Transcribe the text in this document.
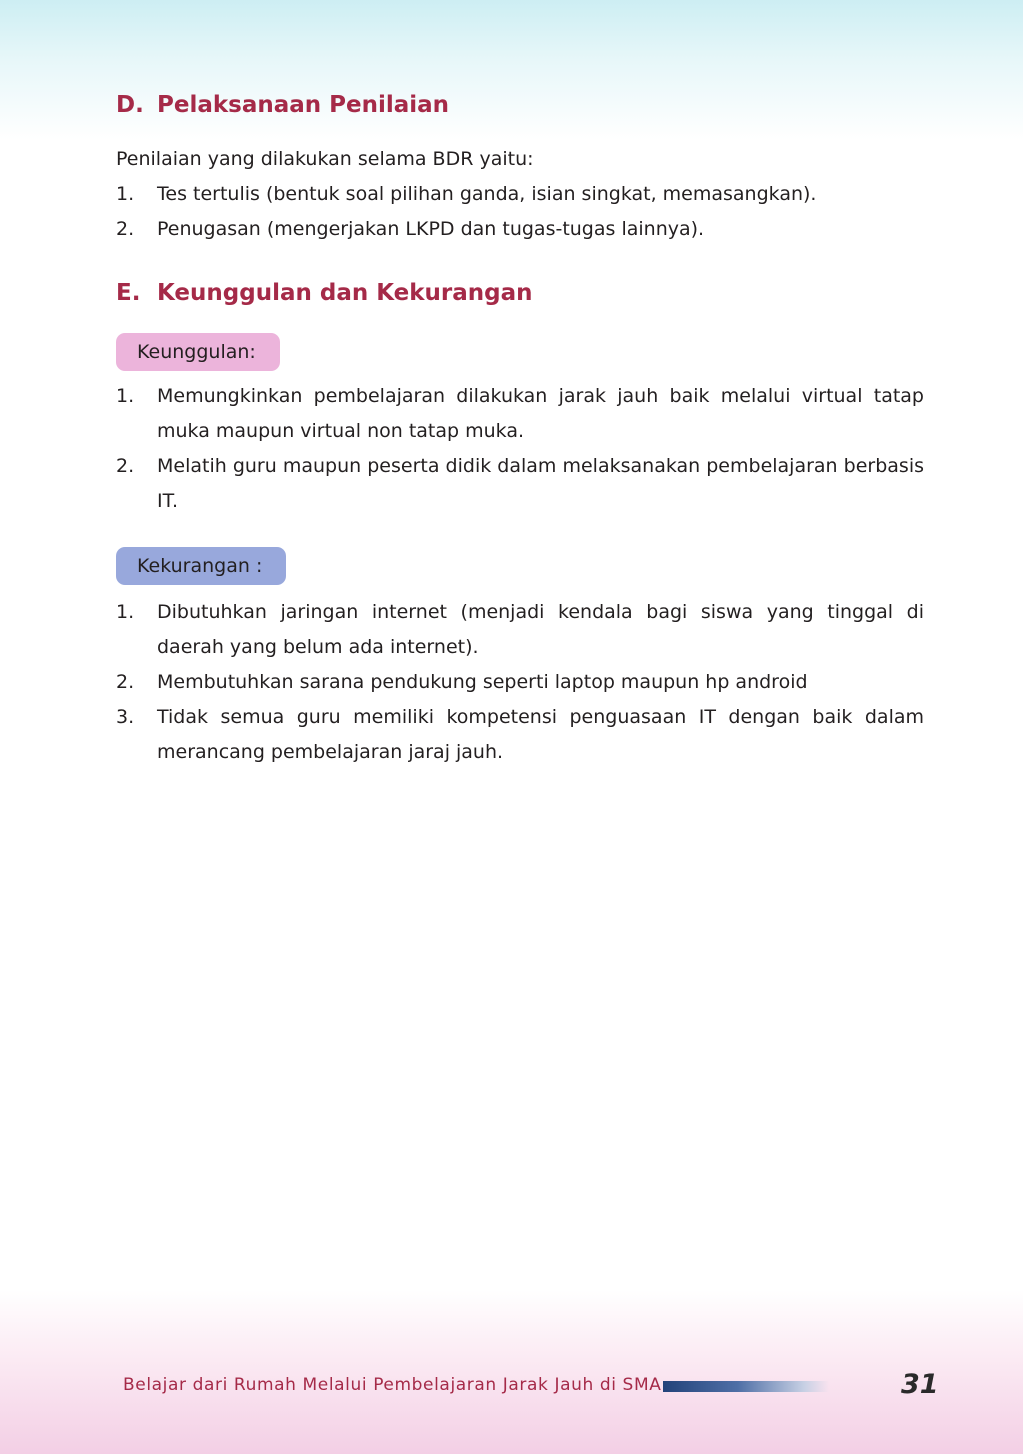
D. Pelaksanaan Penilaian

Penilaian yang dilakukan selama BDR yaitu:

1.	Tes tertulis (bentuk soal pilihan ganda, isian singkat, memasangkan).
2.	Penugasan (mengerjakan LKPD dan tugas-tugas lainnya).
E. Keunggulan dan Kekurangan
Keunggulan:
1.	Memungkinkan pembelajaran dilakukan jarak jauh baik melalui virtual tatap muka maupun virtual non tatap muka.
2.	Melatih guru maupun peserta didik dalam melaksanakan pembelajaran berbasis IT.
Kekurangan :
1.	Dibutuhkan jaringan internet (menjadi kendala bagi siswa yang tinggal di daerah yang belum ada internet).
2.	Membutuhkan sarana pendukung seperti laptop maupun hp android
3.	Tidak semua guru memiliki kompetensi penguasaan IT dengan baik dalam merancang pembelajaran jaraj jauh.
Belajar dari Rumah Melalui Pembelajaran Jarak Jauh di SMA	31
